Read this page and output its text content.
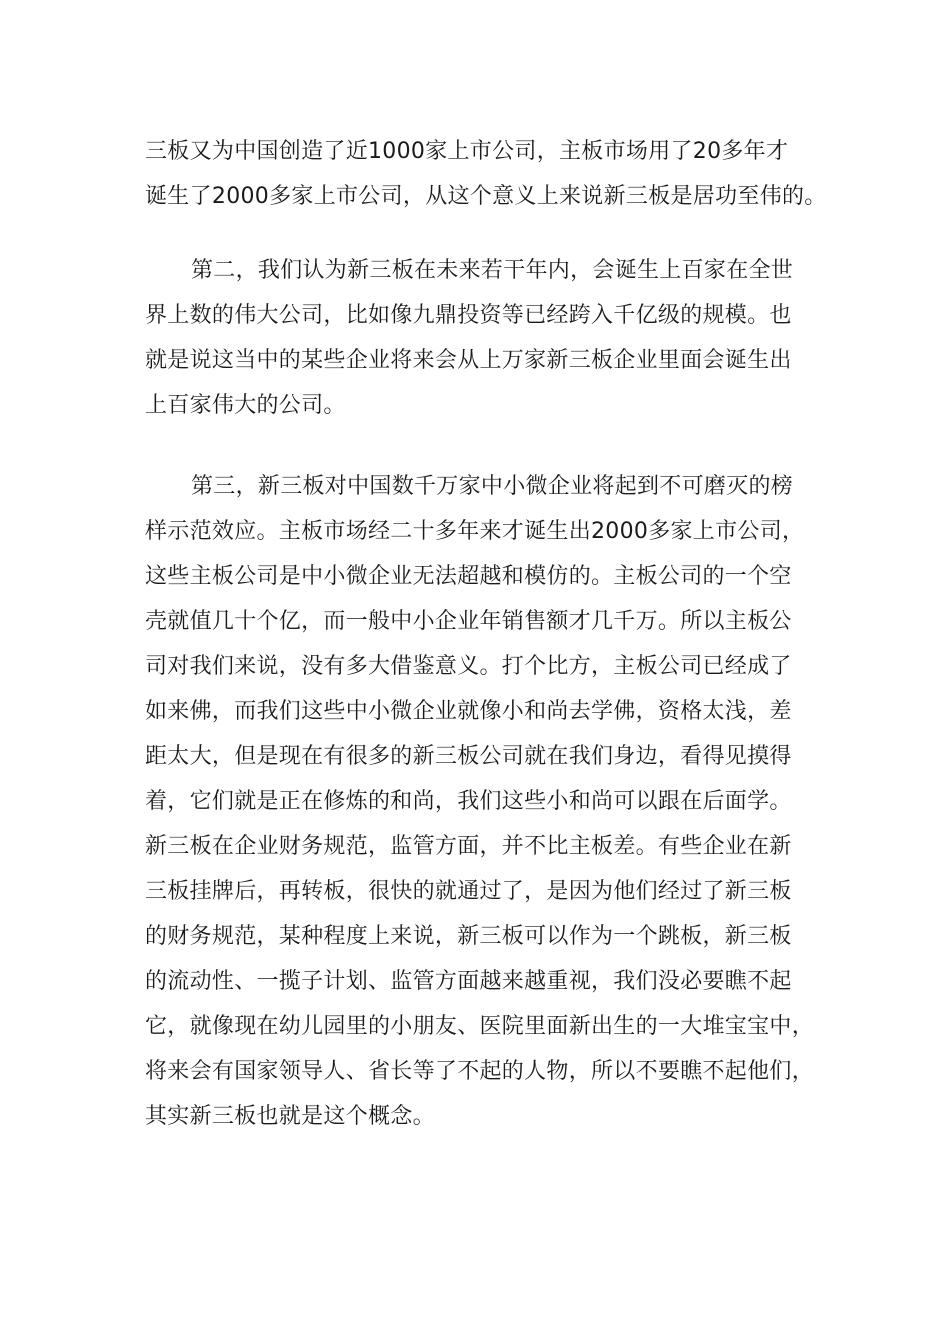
三板又为中国创造了近1000家上市公司，主板市场用了20多年才
诞生了2000多家上市公司，从这个意义上来说新三板是居功至伟的。
第二，我们认为新三板在未来若干年内，会诞生上百家在全世
界上数的伟大公司，比如像九鼎投资等已经跨入千亿级的规模。也
就是说这当中的某些企业将来会从上万家新三板企业里面会诞生出
上百家伟大的公司。
第三，新三板对中国数千万家中小微企业将起到不可磨灭的榜
样示范效应。主板市场经二十多年来才诞生出2000多家上市公司，
这些主板公司是中小微企业无法超越和模仿的。主板公司的一个空
壳就值几十个亿，而一般中小企业年销售额才几千万。所以主板公
司对我们来说，没有多大借鉴意义。打个比方，主板公司已经成了
如来佛，而我们这些中小微企业就像小和尚去学佛，资格太浅，差
距太大，但是现在有很多的新三板公司就在我们身边，看得见摸得
着，它们就是正在修炼的和尚，我们这些小和尚可以跟在后面学。
新三板在企业财务规范，监管方面，并不比主板差。有些企业在新
三板挂牌后，再转板，很快的就通过了，是因为他们经过了新三板
的财务规范，某种程度上来说，新三板可以作为一个跳板，新三板
的流动性、一揽子计划、监管方面越来越重视，我们没必要瞧不起
它，就像现在幼儿园里的小朋友、医院里面新出生的一大堆宝宝中，
将来会有国家领导人、省长等了不起的人物，所以不要瞧不起他们，
其实新三板也就是这个概念。
